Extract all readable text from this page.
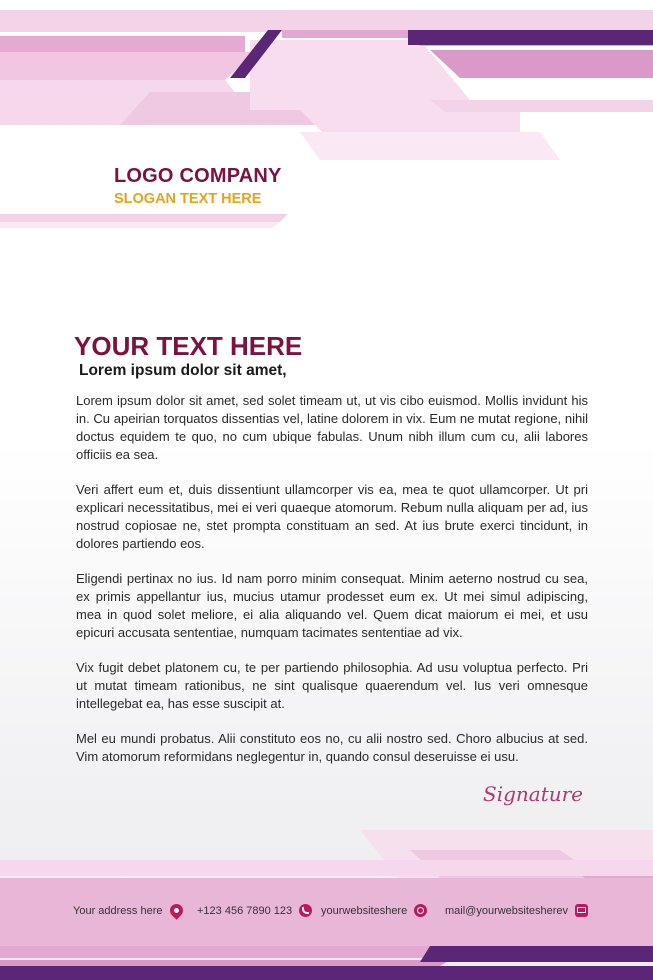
LOGO COMPANY
SLOGAN TEXT HERE
YOUR TEXT HERE
Lorem ipsum dolor sit amet,

Lorem ipsum dolor sit amet, sed solet timeam ut, ut vis cibo euismod. Mollis invidunt his in. Cu apeirian torquatos dissentias vel, latine dolorem in vix. Eum ne mutat regione, nihil doctus equidem te quo, no cum ubique fabulas. Unum nibh illum cum cu, alii labores officiis ea sea.

Veri affert eum et, duis dissentiunt ullamcorper vis ea, mea te quot ullamcorper. Ut pri explicari necessitatibus, mei ei veri quaeque atomorum. Rebum nulla aliquam per ad, ius nostrud copiosae ne, stet prompta constituam an sed. At ius brute exerci tincidunt, in dolores partiendo eos.

Eligendi pertinax no ius. Id nam porro minim consequat. Minim aeterno nostrud cu sea, ex primis appellantur ius, mucius utamur prodesset eum ex. Ut mei simul adipiscing, mea in quod solet meliore, ei alia aliquando vel. Quem dicat maiorum ei mei, et usu epicuri accusata sententiae, numquam tacimates sententiae ad vix.

Vix fugit debet platonem cu, te per partiendo philosophia. Ad usu voluptua perfecto. Pri ut mutat timeam rationibus, ne sint qualisque quaerendum vel. Ius veri omnesque intellegebat ea, has esse suscipit at.

Mel eu mundi probatus. Alii constituto eos no, cu alii nostro sed. Choro albucius at sed. Vim atomorum reformidans neglegentur in, quando consul deseruisse ei usu.

Signature
Your address here	+123 456 7890 123	yourwebsiteshere	mail@yourwebsitesherev
